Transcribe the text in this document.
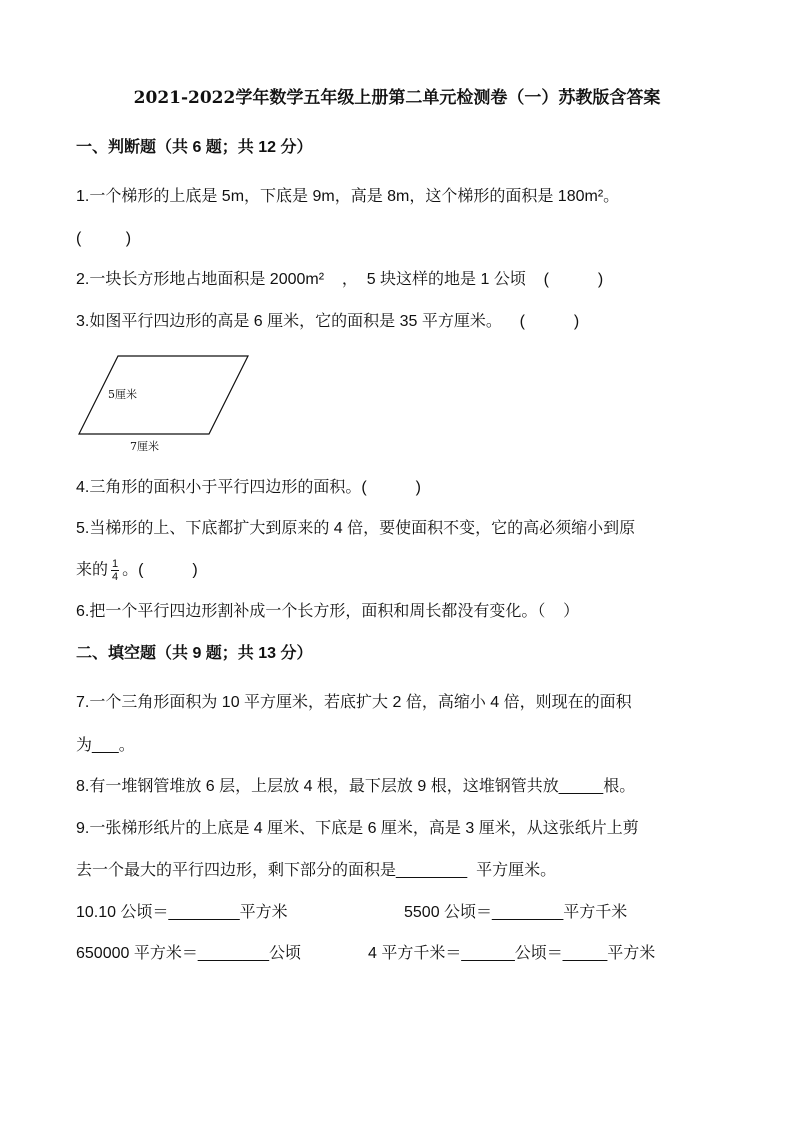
2021-2022学年数学五年级上册第二单元检测卷（一）苏教版含答案
一、判断题（共 6 题；共 12 分）
1.一个梯形的上底是 5m，下底是 9m，高是 8m，这个梯形的面积是 180m²。
(          )
2.一块长方形地占地面积是 2000m²    ，  5 块这样的地是 1 公顷    (           )
3.如图平行四边形的高是 6 厘米，它的面积是 35 平方厘米。    (           )
5厘米
7厘米
4.三角形的面积小于平行四边形的面积。(           )
5.当梯形的上、下底都扩大到原来的 4 倍，要使面积不变，它的高必须缩小到原
来的 $\frac{1}{4}$ 。(           )
6.把一个平行四边形割补成一个长方形，面积和周长都没有变化。（    ）
二、填空题（共 9 题；共 13 分）
7.一个三角形面积为 10 平方厘米，若底扩大 2 倍，高缩小 4 倍，则现在的面积
为___。
8.有一堆钢管堆放 6 层，上层放 4 根，最下层放 9 根，这堆钢管共放_____根。
9.一张梯形纸片的上底是 4 厘米、下底是 6 厘米，高是 3 厘米，从这张纸片上剪
去一个最大的平行四边形，剩下部分的面积是________  平方厘米。
10.10 公顷＝________平方米	5500 公顷＝________平方千米
650000 平方米＝________公顷	4 平方千米＝______公顷＝_____平方米
